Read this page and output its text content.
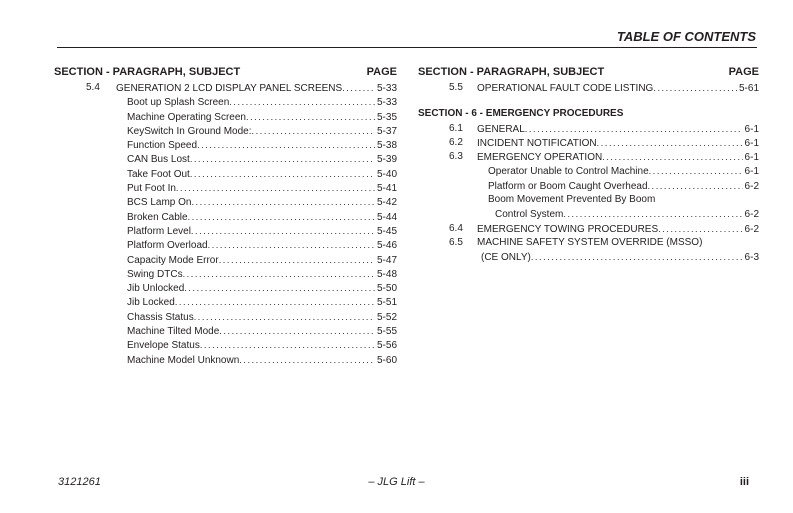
TABLE OF CONTENTS
SECTION - PARAGRAPH, SUBJECT	PAGE
5.4	GENERATION 2 LCD DISPLAY PANEL SCREENS .....	5-33
Boot up Splash Screen .....	5-33
Machine Operating Screen .....	5-35
KeySwitch In Ground Mode: .....	5-37
Function Speed .....	5-38
CAN Bus Lost .....	5-39
Take Foot Out .....	5-40
Put Foot In .....	5-41
BCS Lamp On .....	5-42
Broken Cable .....	5-44
Platform Level .....	5-45
Platform Overload .....	5-46
Capacity Mode Error .....	5-47
Swing DTCs .....	5-48
Jib Unlocked .....	5-50
Jib Locked .....	5-51
Chassis Status .....	5-52
Machine Tilted Mode .....	5-55
Envelope Status .....	5-56
Machine Model Unknown .....	5-60
SECTION - PARAGRAPH, SUBJECT	PAGE
5.5	OPERATIONAL FAULT CODE LISTING .....	5-61
SECTION - 6 - EMERGENCY PROCEDURES
6.1	GENERAL .....	6-1
6.2	INCIDENT NOTIFICATION .....	6-1
6.3	EMERGENCY OPERATION .....	6-1
Operator Unable to Control Machine .....	6-1
Platform or Boom Caught Overhead .....	6-2
Boom Movement Prevented By Boom
Control System .....	6-2
6.4	EMERGENCY TOWING PROCEDURES .....	6-2
6.5	MACHINE SAFETY SYSTEM OVERRIDE (MSSO)
(CE ONLY) .....	6-3
3121261	– JLG Lift –	iii
